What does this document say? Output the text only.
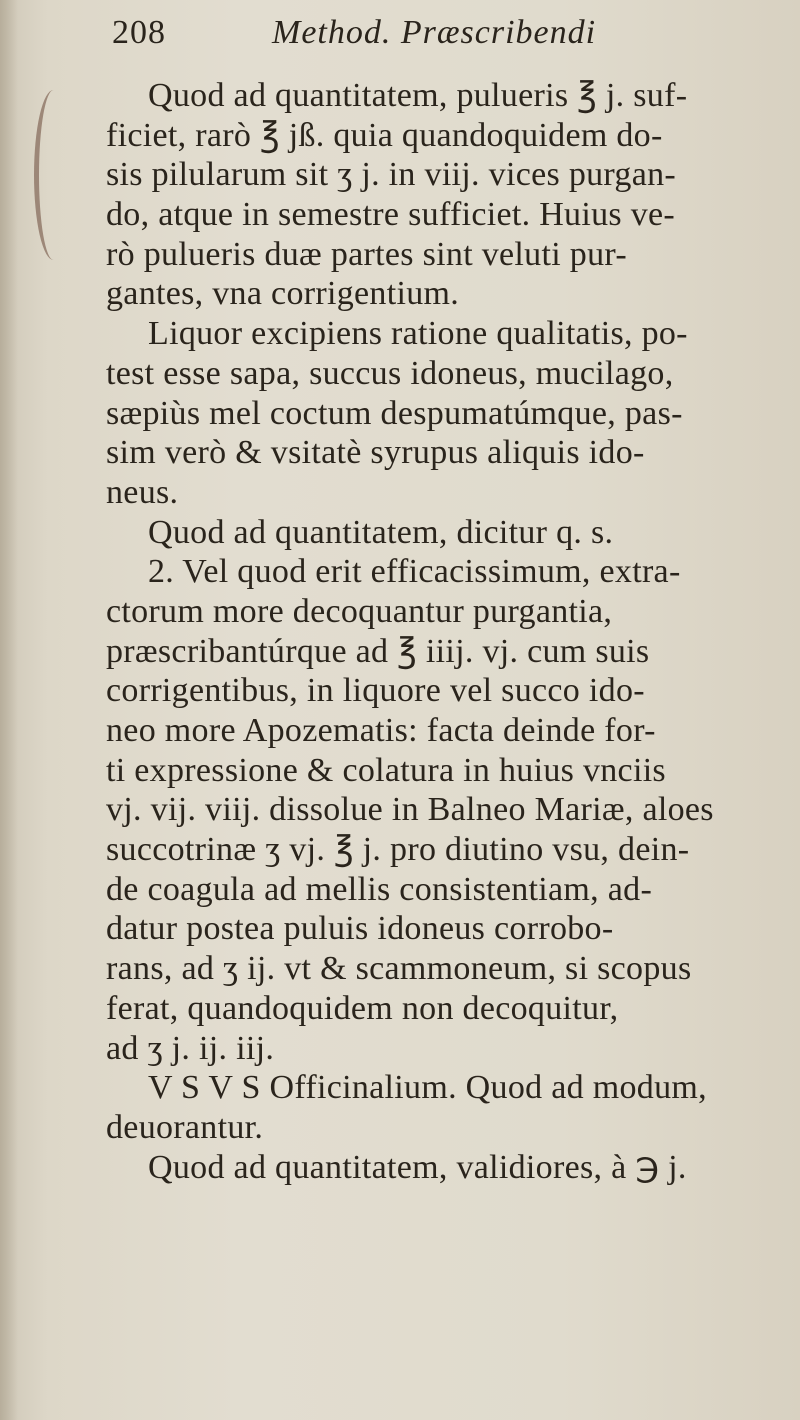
208	Method. Præscribendi
Quod ad quantitatem, pulueris ℥ j. suf-
ficiet, rarò ℥ jß. quia quandoquidem do-
sis pilularum sit ʒ j. in viij. vices purgan-
do, atque in semestre sufficiet. Huius ve-
rò pulueris duæ partes sint veluti pur-
gantes, vna corrigentium.
Liquor excipiens ratione qualitatis, po-
test esse sapa, succus idoneus, mucilago,
sæpiùs mel coctum despumatúmque, pas-
sim verò & vsitatè syrupus aliquis ido-
neus.
Quod ad quantitatem, dicitur q. s.
2. Vel quod erit efficacissimum, extra-
ctorum more decoquantur purgantia,
præscribantúrque ad ℥ iiij. vj. cum suis
corrigentibus, in liquore vel succo ido-
neo more Apozematis: facta deinde for-
ti expressione & colatura in huius vnciis
vj. vij. viij. dissolue in Balneo Mariæ, aloes
succotrinæ ʒ vj. ℥ j. pro diutino vsu, dein-
de coagula ad mellis consistentiam, ad-
datur postea puluis idoneus corrobo-
rans, ad ʒ ij. vt & scammoneum, si scopus
ferat, quandoquidem non decoquitur,
ad ʒ j. ij. iij.
V S V S Officinalium. Quod ad modum,
deuorantur.
Quod ad quantitatem, validiores, à ℈ j.
